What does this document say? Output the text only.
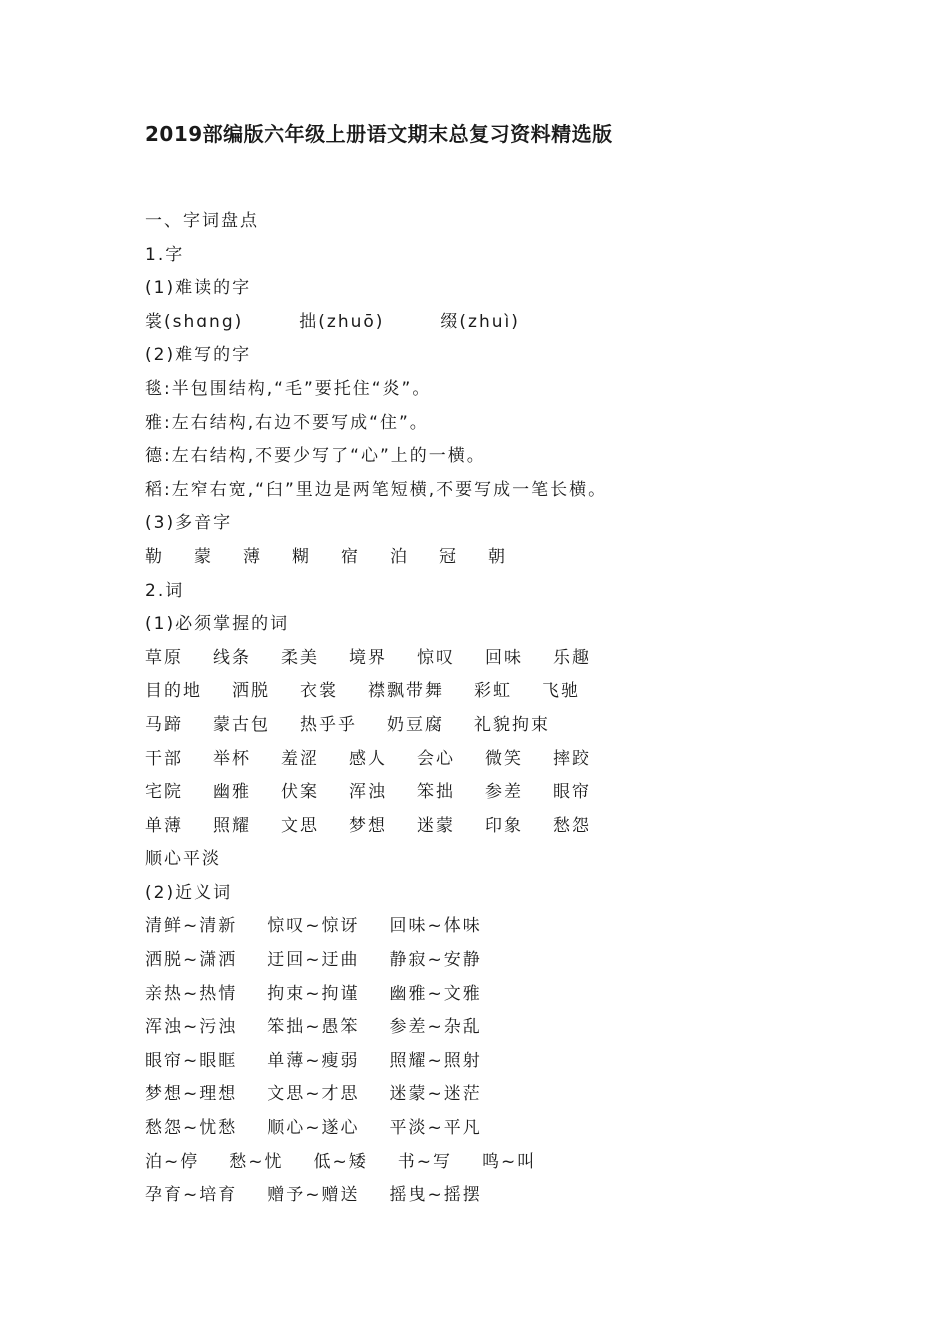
2019部编版六年级上册语文期末总复习资料精选版
一、字词盘点
1.字
(1)难读的字
裳(shɑng)	拙(zhuō)	缀(zhuì)
(2)难写的字
毯:半包围结构,“毛”要托住“炎”。
雅:左右结构,右边不要写成“住”。
德:左右结构,不要少写了“心”上的一横。
稻:左窄右宽,“臼”里边是两笔短横,不要写成一笔长横。
(3)多音字
勒 蒙 薄 糊 宿 泊 冠 朝
2.词
(1)必须掌握的词
草原 线条 柔美 境界 惊叹 回味 乐趣
目的地 洒脱 衣裳 襟飘带舞 彩虹 飞驰
马蹄 蒙古包 热乎乎 奶豆腐 礼貌拘束
干部 举杯 羞涩 感人 会心 微笑 摔跤
宅院 幽雅 伏案 浑浊 笨拙 参差 眼帘
单薄 照耀 文思 梦想 迷蒙 印象 愁怨
顺心平淡
(2)近义词
清鲜~清新 惊叹~惊讶 回味~体味
洒脱~潇洒 迂回~迂曲 静寂~安静
亲热~热情 拘束~拘谨 幽雅~文雅
浑浊~污浊 笨拙~愚笨 参差~杂乱
眼帘~眼眶 单薄~瘦弱 照耀~照射
梦想~理想 文思~才思 迷蒙~迷茫
愁怨~忧愁 顺心~遂心 平淡~平凡
泊~停 愁~忧 低~矮 书~写 鸣~叫
孕育~培育 赠予~赠送 摇曳~摇摆
